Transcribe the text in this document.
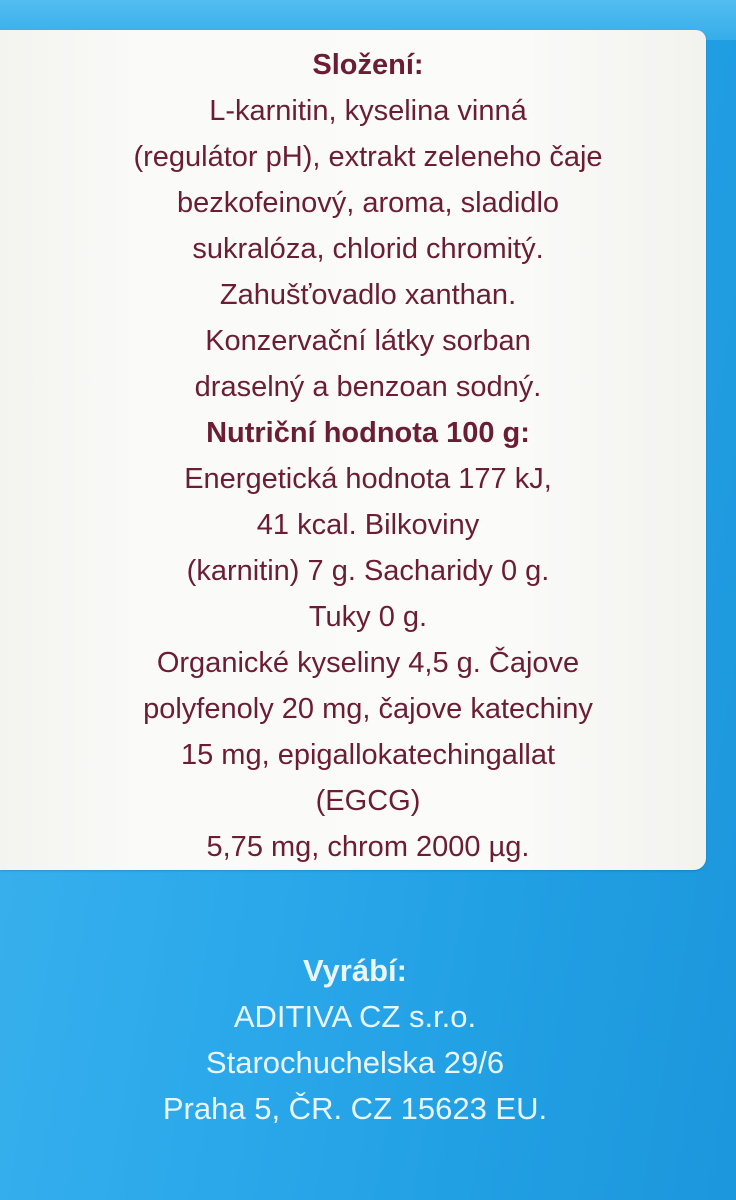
Složení:
L-karnitin, kyselina vinná
(regulátor pH), extrakt zeleneho čaje
bezkofeinový, aroma, sladidlo
sukralóza, chlorid chromitý.
Zahušťovadlo xanthan.
Konzervační látky sorban
draselný a benzoan sodný.
Nutriční hodnota 100 g:
Energetická hodnota 177 kJ,
41 kcal. Bilkoviny
(karnitin) 7 g. Sacharidy 0 g.
Tuky 0 g.
Organické kyseliny 4,5 g. Čajove
polyfenoly 20 mg, čajove katechiny
15 mg, epigallokatechingallat
(EGCG)
5,75 mg, chrom 2000 µg.
Vyrábí:
ADITIVA CZ s.r.o.
Starochuchelska 29/6
Praha 5, ČR. CZ 15623 EU.
